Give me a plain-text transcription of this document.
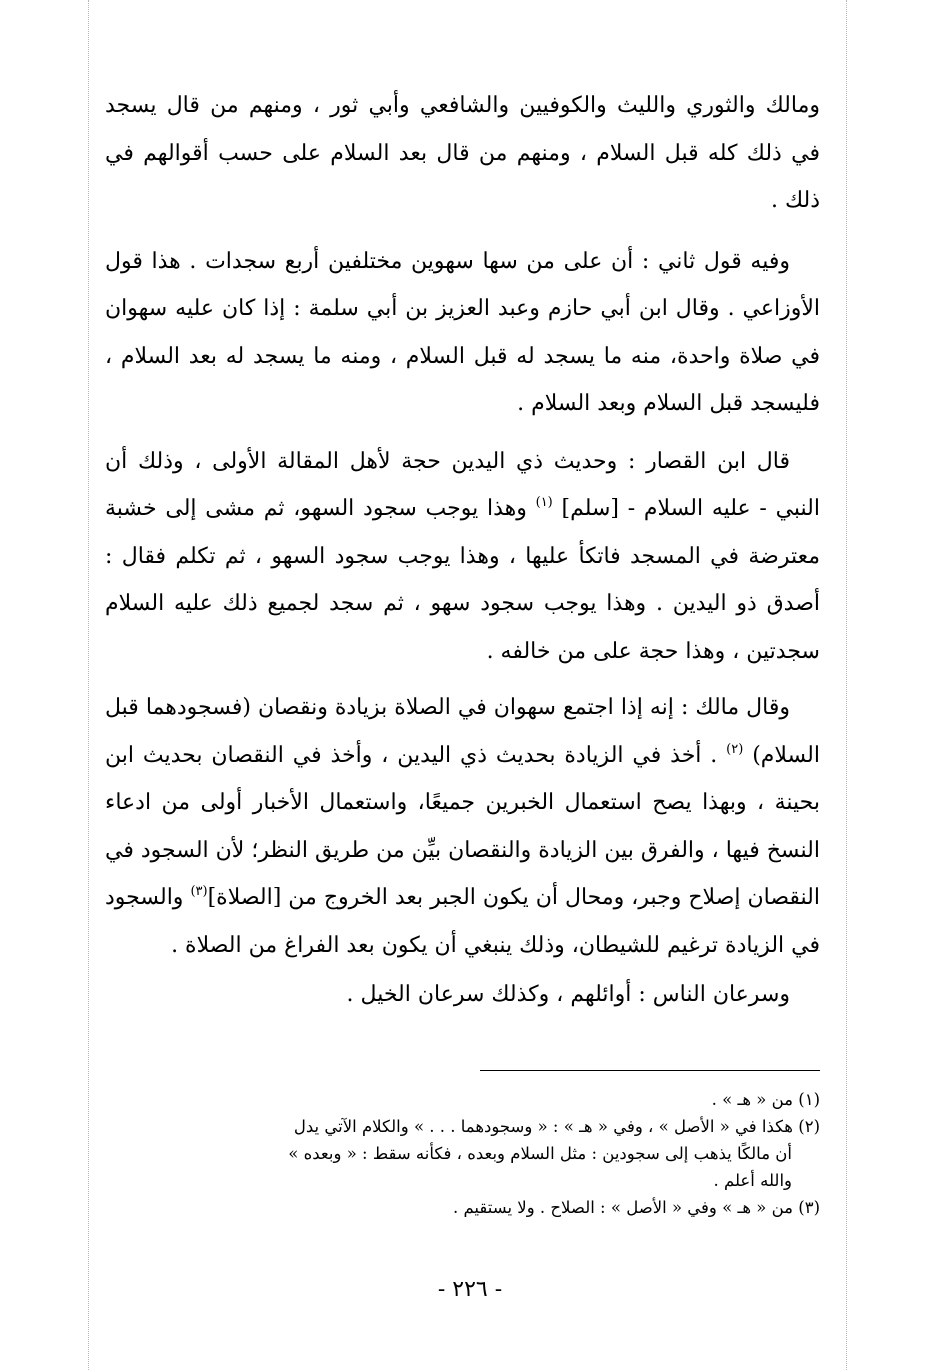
ومالك والثوري والليث والكوفيين والشافعي وأبي ثور ، ومنهم من قال يسجد في ذلك كله قبل السلام ، ومنهم من قال بعد السلام على حسب أقوالهم في ذلك .

وفيه قول ثاني : أن على من سها سهوين مختلفين أربع سجدات . هذا قول الأوزاعي . وقال ابن أبي حازم وعبد العزيز بن أبي سلمة : إذا كان عليه سهوان في صلاة واحدة، منه ما يسجد له قبل السلام ، ومنه ما يسجد له بعد السلام ، فليسجد قبل السلام وبعد السلام .

قال ابن القصار : وحديث ذي اليدين حجة لأهل المقالة الأولى ، وذلك أن النبي - عليه السلام - [سلم] $^{(١)}$ وهذا يوجب سجود السهو، ثم مشى إلى خشبة معترضة في المسجد فاتكأ عليها ، وهذا يوجب سجود السهو ، ثم تكلم فقال : أصدق ذو اليدين . وهذا يوجب سجود سهو ، ثم سجد لجميع ذلك عليه السلام سجدتين ، وهذا حجة على من خالفه .

وقال مالك : إنه إذا اجتمع سهوان في الصلاة بزيادة ونقصان (فسجودهما قبل السلام) $^{(٢)}$ . أخذ في الزيادة بحديث ذي اليدين ، وأخذ في النقصان بحديث ابن بحينة ، وبهذا يصح استعمال الخبرين جميعًا، واستعمال الأخبار أولى من ادعاء النسخ فيها ، والفرق بين الزيادة والنقصان بيِّن من طريق النظر؛ لأن السجود في النقصان إصلاح وجبر، ومحال أن يكون الجبر بعد الخروج من [الصلاة]$^{(٣)}$ والسجود في الزيادة ترغيم للشيطان، وذلك ينبغي أن يكون بعد الفراغ من الصلاة .

وسرعان الناس : أوائلهم ، وكذلك سرعان الخيل .

(١) من « هـ » .

(٢) هكذا في « الأصل » ، وفي « هـ » : « وسجودهما . . . » والكلام الآتي يدل

أن مالكًا يذهب إلى سجودين : مثل السلام وبعده ، فكأنه سقط : « وبعده »

والله أعلم .

(٣) من « هـ » وفي « الأصل » : الصلاح . ولا يستقيم .

- ٢٢٦ -
